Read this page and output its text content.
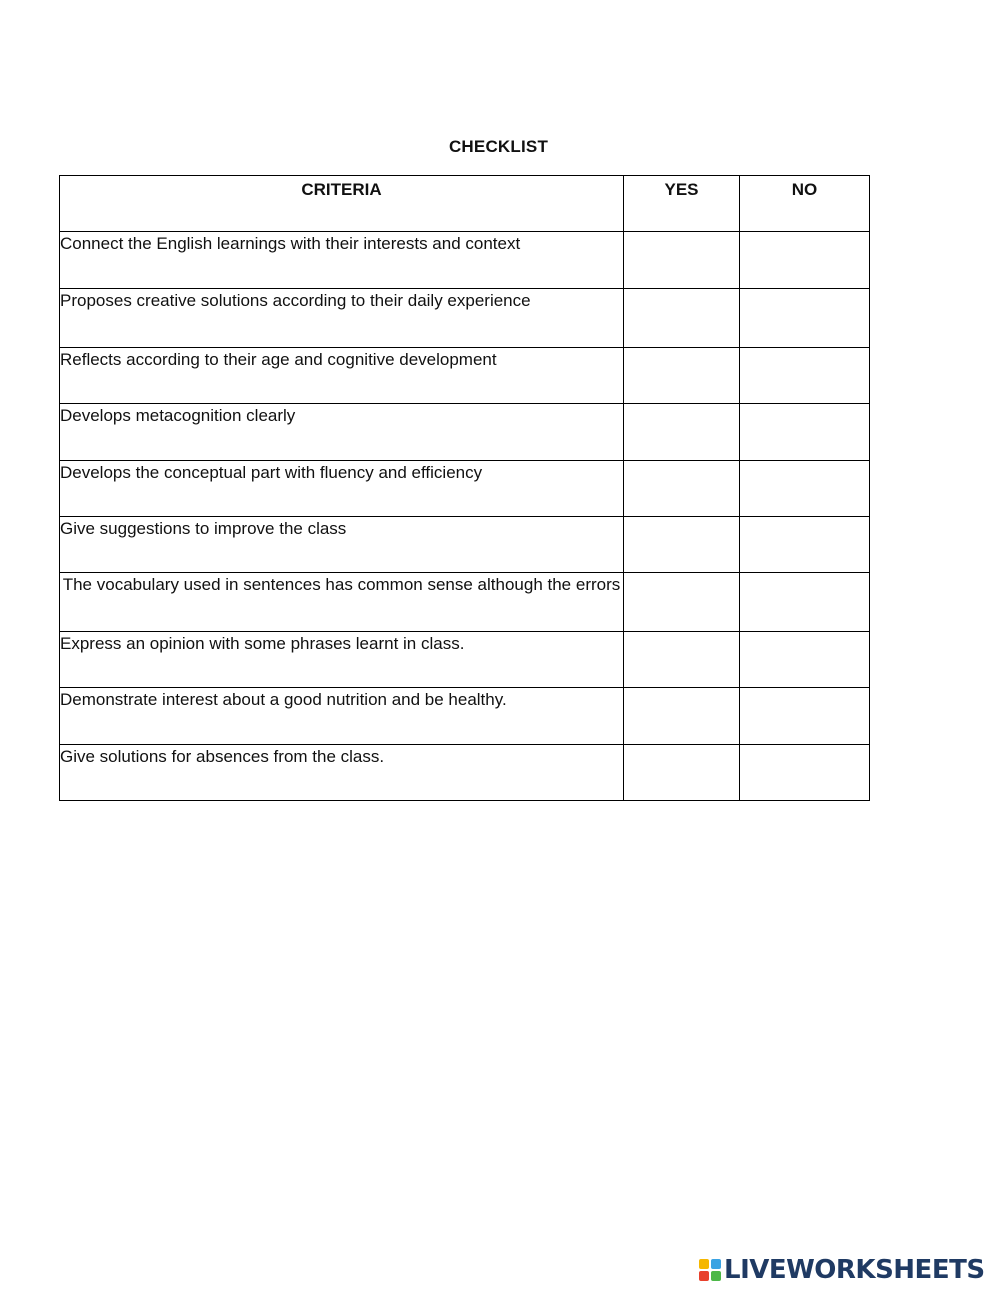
CHECKLIST
CRITERIA	YES	NO
Connect the English learnings with their interests and context		
Proposes creative solutions according to their daily experience		
Reflects according to their age and cognitive development		
Develops metacognition clearly		
Develops the conceptual part with fluency and efficiency		
Give suggestions to improve the class		
The vocabulary used in sentences has common sense although the errors		
Express an opinion with some phrases learnt in class.		
Demonstrate interest about a good nutrition and be healthy.		
Give solutions for absences from the class.		
LIVEWORKSHEETS
